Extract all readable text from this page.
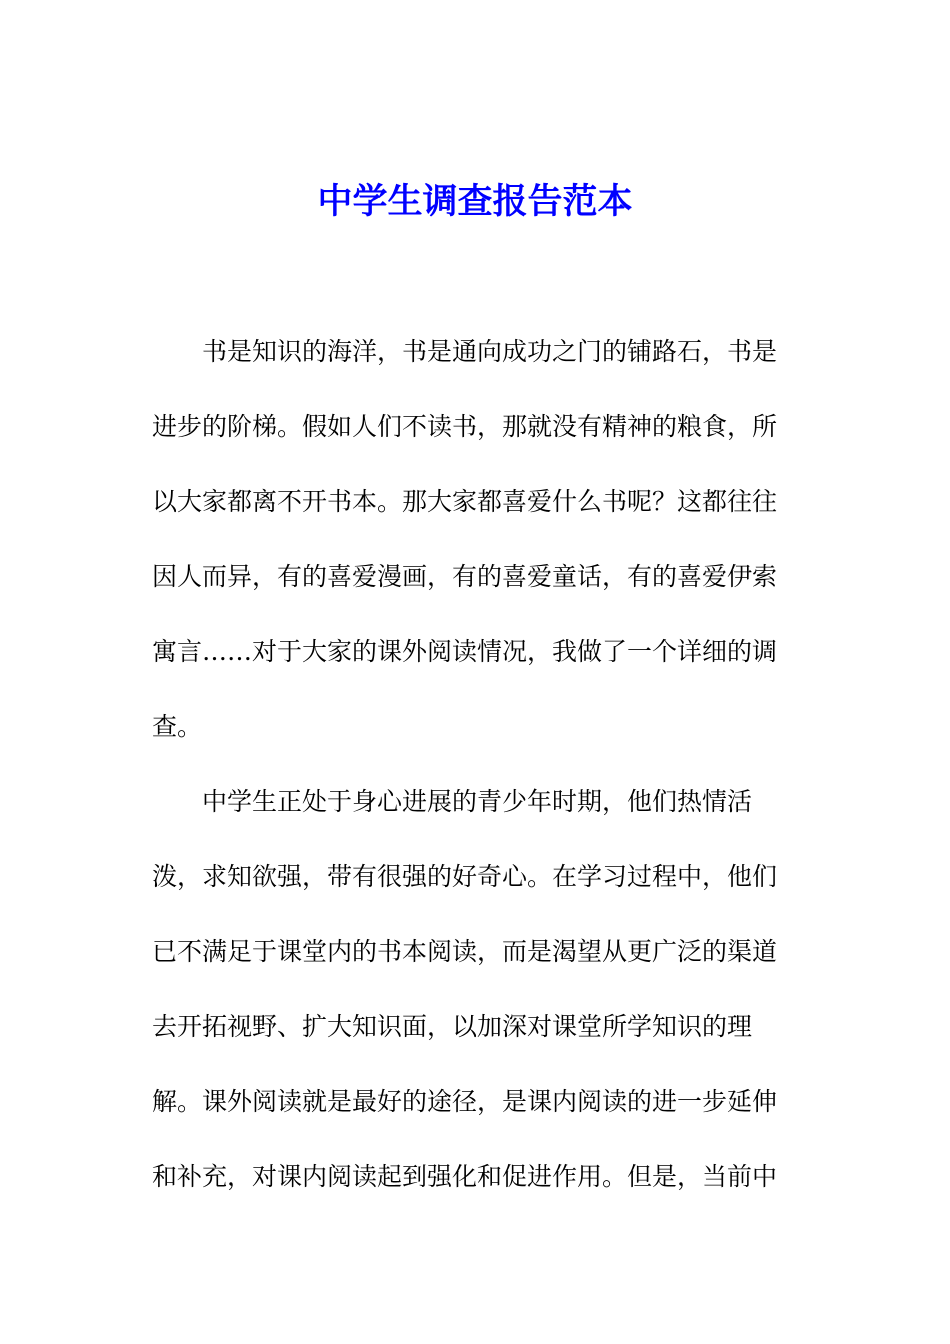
中学生调查报告范本
书是知识的海洋，书是通向成功之门的铺路石，书是
进步的阶梯。假如人们不读书，那就没有精神的粮食，所
以大家都离不开书本。那大家都喜爱什么书呢？这都往往
因人而异，有的喜爱漫画，有的喜爱童话，有的喜爱伊索
寓言……对于大家的课外阅读情况，我做了一个详细的调
查。
中学生正处于身心进展的青少年时期，他们热情活
泼，求知欲强，带有很强的好奇心。在学习过程中，他们
已不满足于课堂内的书本阅读，而是渴望从更广泛的渠道
去开拓视野、扩大知识面，以加深对课堂所学知识的理
解。课外阅读就是最好的途径，是课内阅读的进一步延伸
和补充，对课内阅读起到强化和促进作用。但是，当前中
